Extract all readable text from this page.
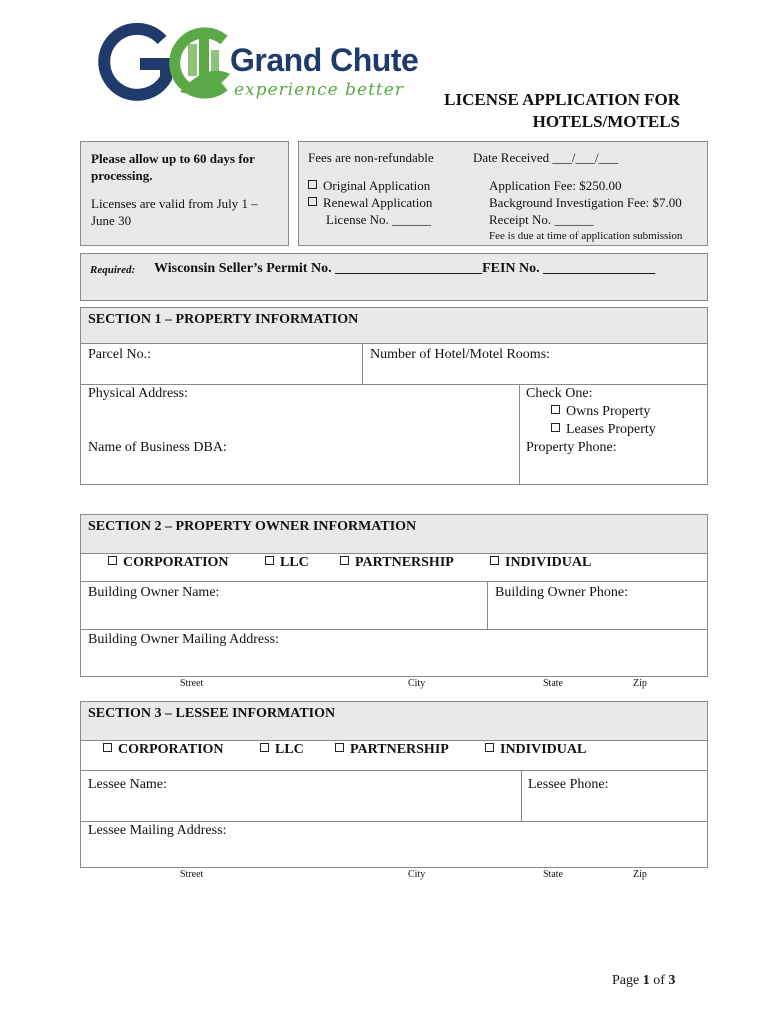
Grand Chute
experience better LICENSE APPLICATION FOR
HOTELS/MOTELS
Please allow up to 60 days for processing.
Licenses are valid from July 1 – June 30
Fees are non-refundable	Date Received ___/___/___
Original Application
Renewal Application
License No. ______
Application Fee: $250.00
Background Investigation Fee: $7.00
Receipt No. ______
Fee is due at time of application submission
Required: Wisconsin Seller’s Permit No. _____________________FEIN No. ________________
SECTION 1 – PROPERTY INFORMATION
Parcel No.:	Number of Hotel/Motel Rooms:
Physical Address:	Check One:
Owns Property
Leases Property
Name of Business DBA:	Property Phone:
SECTION 2 – PROPERTY OWNER INFORMATION
CORPORATION	LLC	PARTNERSHIP	INDIVIDUAL
Building Owner Name:	Building Owner Phone:
Building Owner Mailing Address:
Street	City	State	Zip
SECTION 3 – LESSEE INFORMATION
CORPORATION	LLC	PARTNERSHIP	INDIVIDUAL
Lessee Name:	Lessee Phone:
Lessee Mailing Address:
Street	City	State	Zip
Page 1 of 3
